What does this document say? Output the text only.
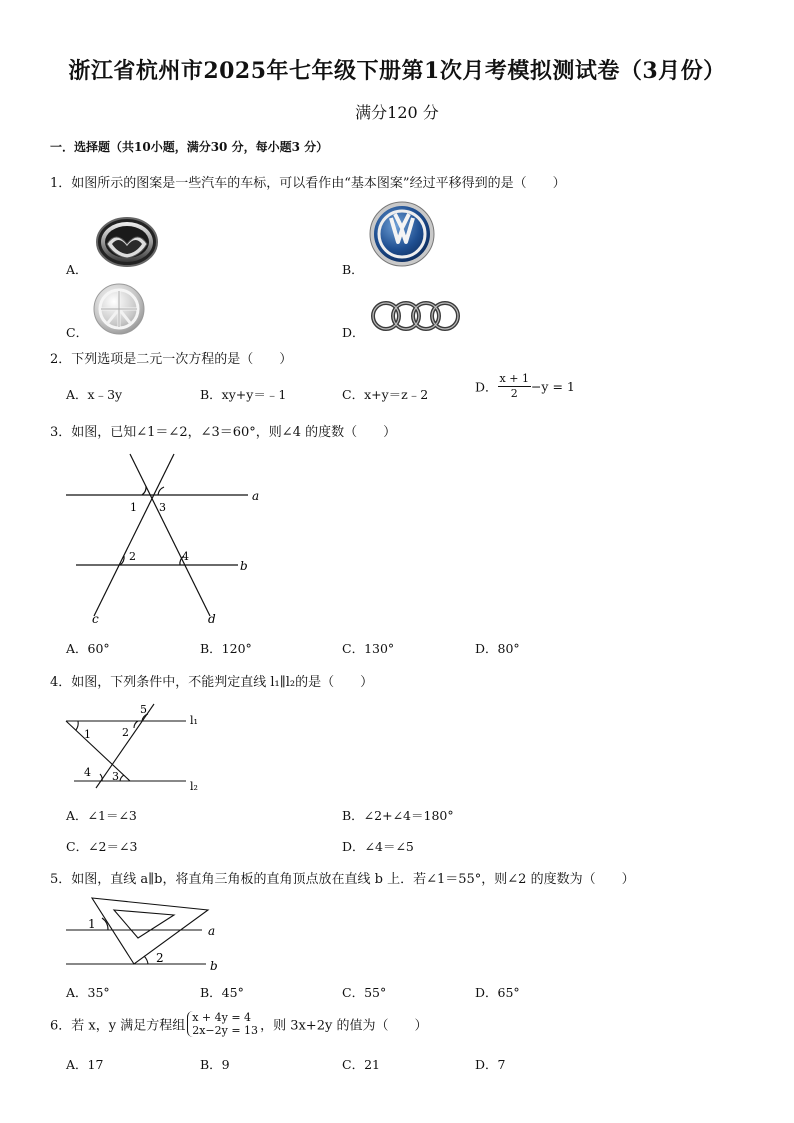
浙江省杭州市2025年七年级下册第1次月考模拟测试卷（3月份）
满分120 分
一．选择题（共10小题，满分30 分，每小题3 分）
1．如图所示的图案是一些汽车的车标，可以看作由“基本图案”经过平移得到的是（　　）
A．	B．
C．	D．
2．下列选项是二元一次方程的是（　　）
A．x﹣3y	B．xy+y＝﹣1	C．x+y＝z﹣2	D． $\frac{x + 1}{2} -y = 1$
3．如图，已知∠1＝∠2，∠3＝60°，则∠4 的度数（　　）
a
b
c	d
1 3
2	4
A．60°	B．120°	C．130°	D．80°
4．如图，下列条件中，不能判定直线 l₁∥l₂的是（　　）
l₁
l₂
1	2
3
4
5
A．∠1＝∠3	B．∠2+∠4＝180°
C．∠2＝∠3	D．∠4＝∠5
5．如图，直线 a∥b，将直角三角板的直角顶点放在直线 b 上．若∠1＝55°，则∠2 的度数为（　　）
a
b
1
2
A．35°	B．45°	C．55°	D．65°
6．若 x，y 满足方程组
x + 4y = 4
2x−2y = 13 ，则 3x+2y 的值为（　　）
A．17	B．9	C．21	D．7
